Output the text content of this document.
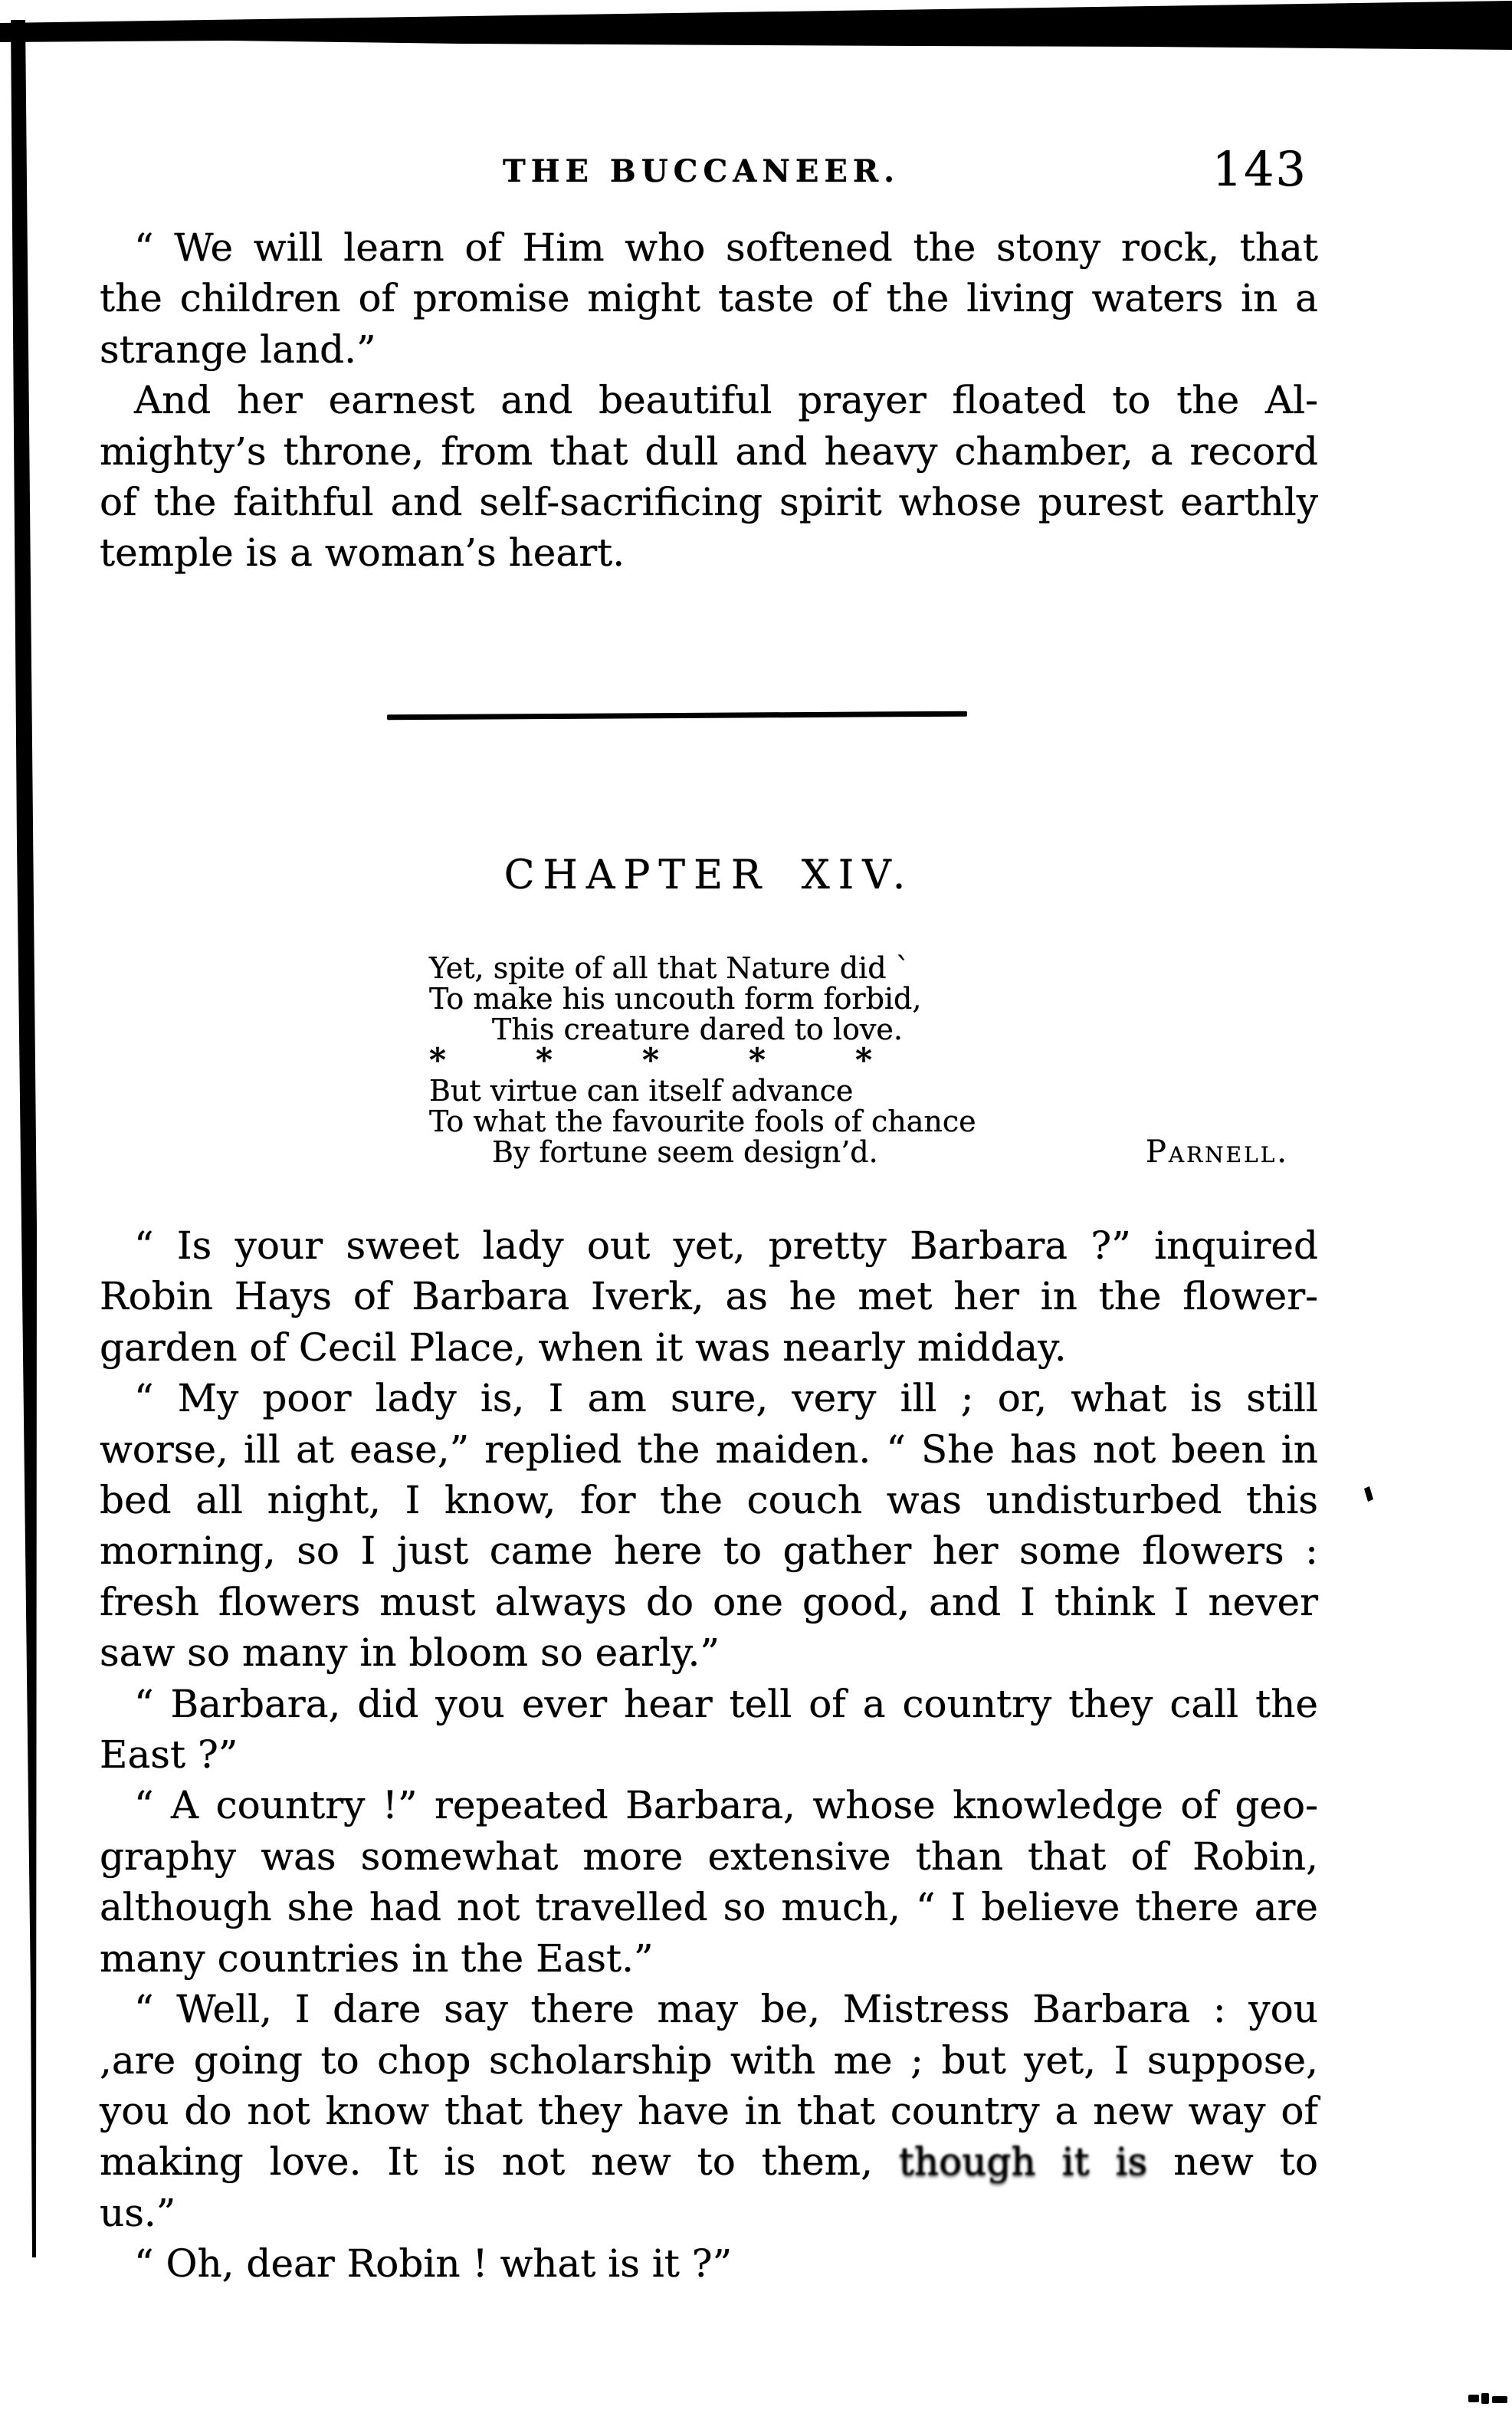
THE BUCCANEER.	143
“ We will learn of Him who softened the stony rock, that
the children of promise might taste of the living waters in a
strange land.”
And her earnest and beautiful prayer floated to the Al-
mighty’s throne, from that dull and heavy chamber, a record
of the faithful and self-sacrificing spirit whose purest earthly
temple is a woman’s heart.
CHAPTER XIV.
Yet, spite of all that Nature did `
To make his uncouth form forbid,
This creature dared to love.
*	*	*	*	*
But virtue can itself advance
To what the favourite fools of chance
By fortune seem design’d.	Parnell.
“ Is your sweet lady out yet, pretty Barbara ?” inquired
Robin Hays of Barbara Iverk, as he met her in the flower-
garden of Cecil Place, when it was nearly midday.
“ My poor lady is, I am sure, very ill ; or, what is still
worse, ill at ease,” replied the maiden. “ She has not been in
bed all night, I know, for the couch was undisturbed this
morning, so I just came here to gather her some flowers :
fresh flowers must always do one good, and I think I never
saw so many in bloom so early.”
“ Barbara, did you ever hear tell of a country they call the
East ?”
“ A country !” repeated Barbara, whose knowledge of geo-
graphy was somewhat more extensive than that of Robin,
although she had not travelled so much, “ I believe there are
many countries in the East.”
“ Well, I dare say there may be, Mistress Barbara : you
,are going to chop scholarship with me ; but yet, I suppose,
you do not know that they have in that country a new way of
making love. It is not new to them, though it is new to
us.”
“ Oh, dear Robin ! what is it ?”
